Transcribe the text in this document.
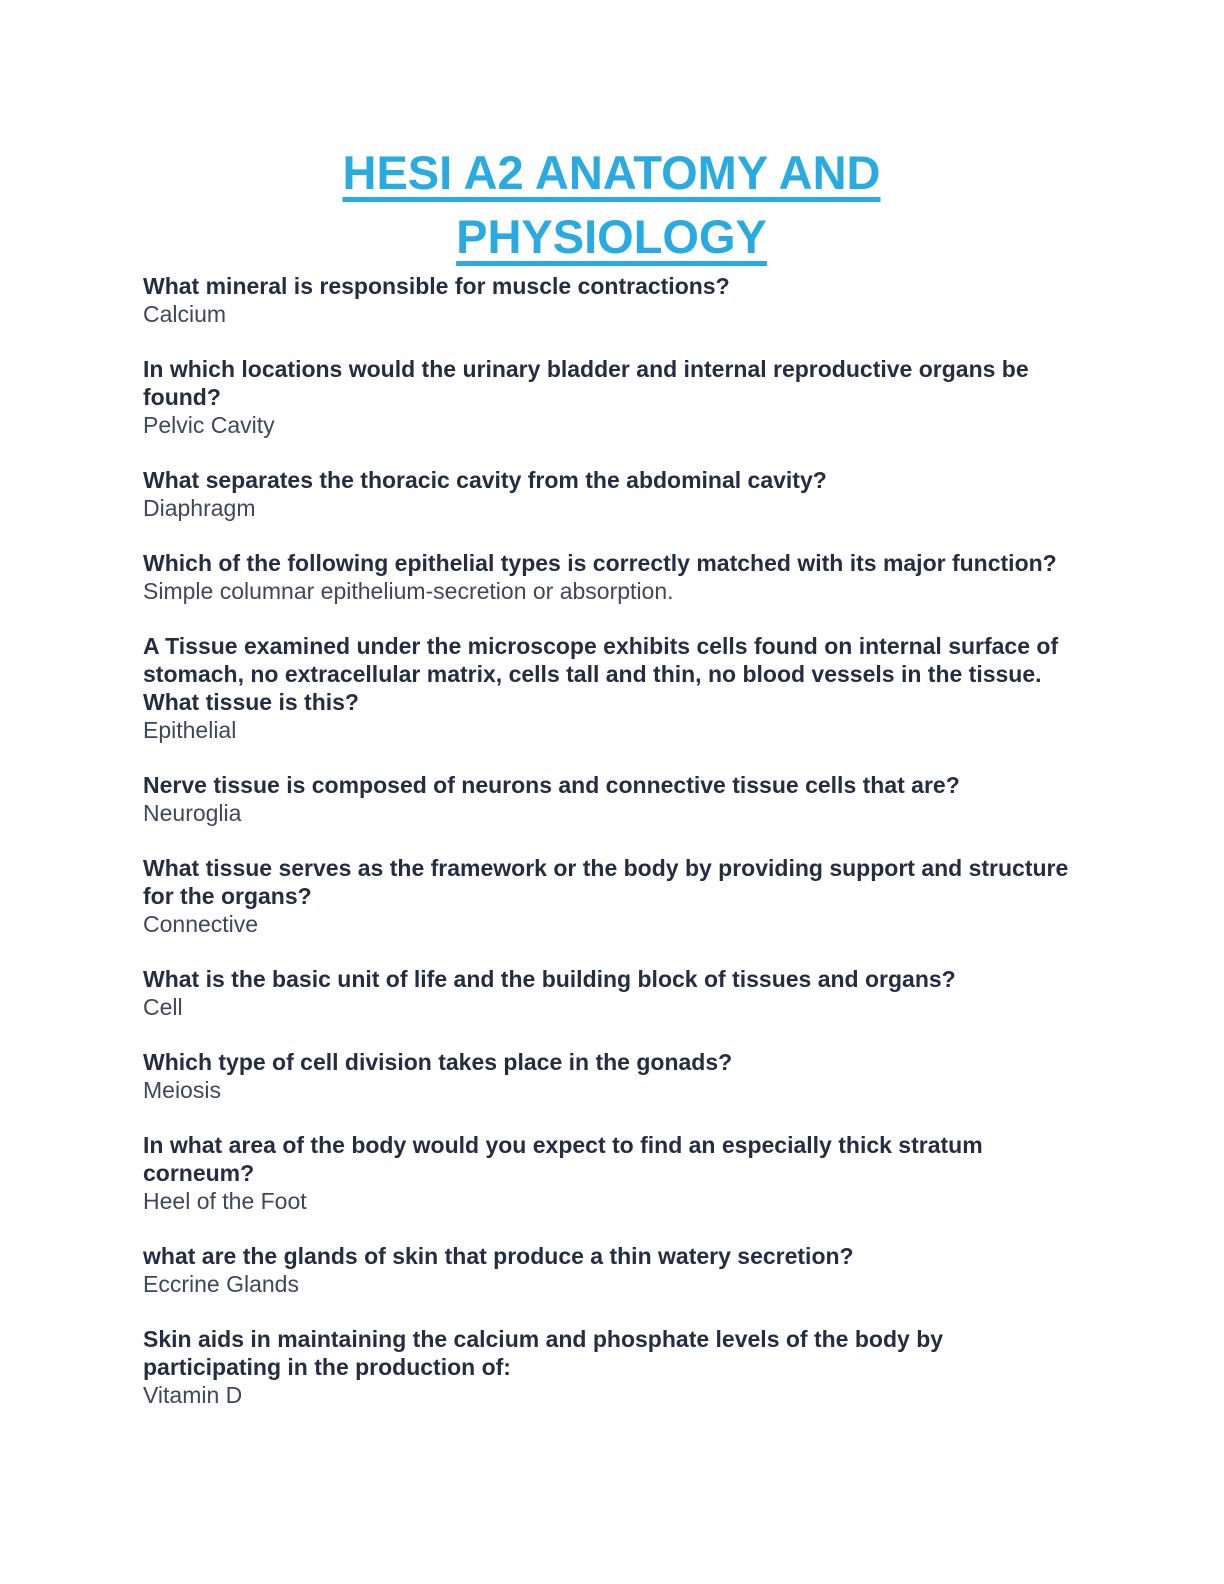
HESI A2 ANATOMY AND
PHYSIOLOGY

What mineral is responsible for muscle contractions?

Calcium

In which locations would the urinary bladder and internal reproductive organs be found?

Pelvic Cavity

What separates the thoracic cavity from the abdominal cavity?

Diaphragm

Which of the following epithelial types is correctly matched with its major function?

Simple columnar epithelium-secretion or absorption.

A Tissue examined under the microscope exhibits cells found on internal surface of stomach, no extracellular matrix, cells tall and thin, no blood vessels in the tissue. What tissue is this?

Epithelial

Nerve tissue is composed of neurons and connective tissue cells that are?

Neuroglia

What tissue serves as the framework or the body by providing support and structure for the organs?

Connective

What is the basic unit of life and the building block of tissues and organs?

Cell

Which type of cell division takes place in the gonads?

Meiosis

In what area of the body would you expect to find an especially thick stratum corneum?

Heel of the Foot

what are the glands of skin that produce a thin watery secretion?

Eccrine Glands

Skin aids in maintaining the calcium and phosphate levels of the body by participating in the production of:

Vitamin D
